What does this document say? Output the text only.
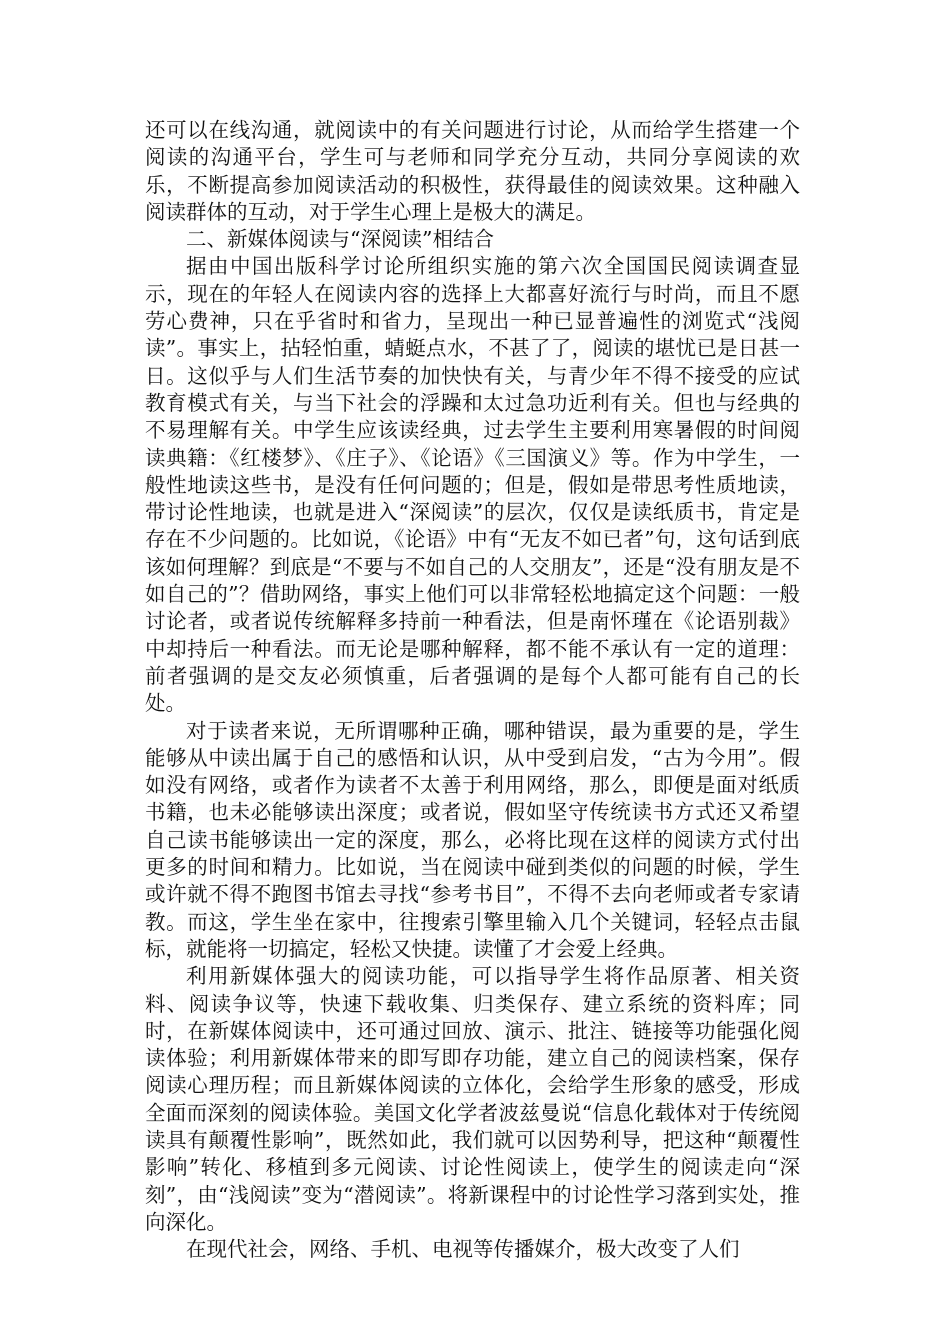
还可以在线沟通，就阅读中的有关问题进行讨论，从而给学生搭建一个阅读的沟通平台，学生可与老师和同学充分互动，共同分享阅读的欢乐，不断提高参加阅读活动的积极性，获得最佳的阅读效果。这种融入阅读群体的互动，对于学生心理上是极大的满足。

二、新媒体阅读与“深阅读”相结合

据由中国出版科学讨论所组织实施的第六次全国国民阅读调查显示，现在的年轻人在阅读内容的选择上大都喜好流行与时尚，而且不愿劳心费神，只在乎省时和省力，呈现出一种已显普遍性的浏览式“浅阅读”。事实上，拈轻怕重，蜻蜓点水，不甚了了，阅读的堪忧已是日甚一日。这似乎与人们生活节奏的加快快有关，与青少年不得不接受的应试教育模式有关，与当下社会的浮躁和太过急功近利有关。但也与经典的不易理解有关。中学生应该读经典，过去学生主要利用寒暑假的时间阅读典籍：《红楼梦》、《庄子》、《论语》《三国演义》等。作为中学生，一般性地读这些书，是没有任何问题的；但是，假如是带思考性质地读，带讨论性地读，也就是进入“深阅读”的层次，仅仅是读纸质书，肯定是存在不少问题的。比如说，《论语》中有“无友不如已者”句，这句话到底该如何理解？到底是“不要与不如自己的人交朋友”，还是“没有朋友是不如自己的”？借助网络，事实上他们可以非常轻松地搞定这个问题：一般讨论者，或者说传统解释多持前一种看法，但是南怀瑾在《论语别裁》中却持后一种看法。而无论是哪种解释，都不能不承认有一定的道理：前者强调的是交友必须慎重，后者强调的是每个人都可能有自己的长处。

对于读者来说，无所谓哪种正确，哪种错误，最为重要的是，学生能够从中读出属于自己的感悟和认识，从中受到启发，“古为今用”。假如没有网络，或者作为读者不太善于利用网络，那么，即便是面对纸质书籍，也未必能够读出深度；或者说，假如坚守传统读书方式还又希望自己读书能够读出一定的深度，那么，必将比现在这样的阅读方式付出更多的时间和精力。比如说，当在阅读中碰到类似的问题的时候，学生或许就不得不跑图书馆去寻找“参考书目”，不得不去向老师或者专家请教。而这，学生坐在家中，往搜索引擎里输入几个关键词，轻轻点击鼠标，就能将一切搞定，轻松又快捷。读懂了才会爱上经典。

利用新媒体强大的阅读功能，可以指导学生将作品原著、相关资料、阅读争议等，快速下载收集、归类保存、建立系统的资料库；同时，在新媒体阅读中，还可通过回放、演示、批注、链接等功能强化阅读体验；利用新媒体带来的即写即存功能，建立自己的阅读档案，保存阅读心理历程；而且新媒体阅读的立体化，会给学生形象的感受，形成全面而深刻的阅读体验。美国文化学者波兹曼说“信息化载体对于传统阅读具有颠覆性影响”，既然如此，我们就可以因势利导，把这种“颠覆性影响”转化、移植到多元阅读、讨论性阅读上，使学生的阅读走向“深刻”，由“浅阅读”变为“潜阅读”。将新课程中的讨论性学习落到实处，推向深化。

在现代社会，网络、手机、电视等传播媒介，极大改变了人们
